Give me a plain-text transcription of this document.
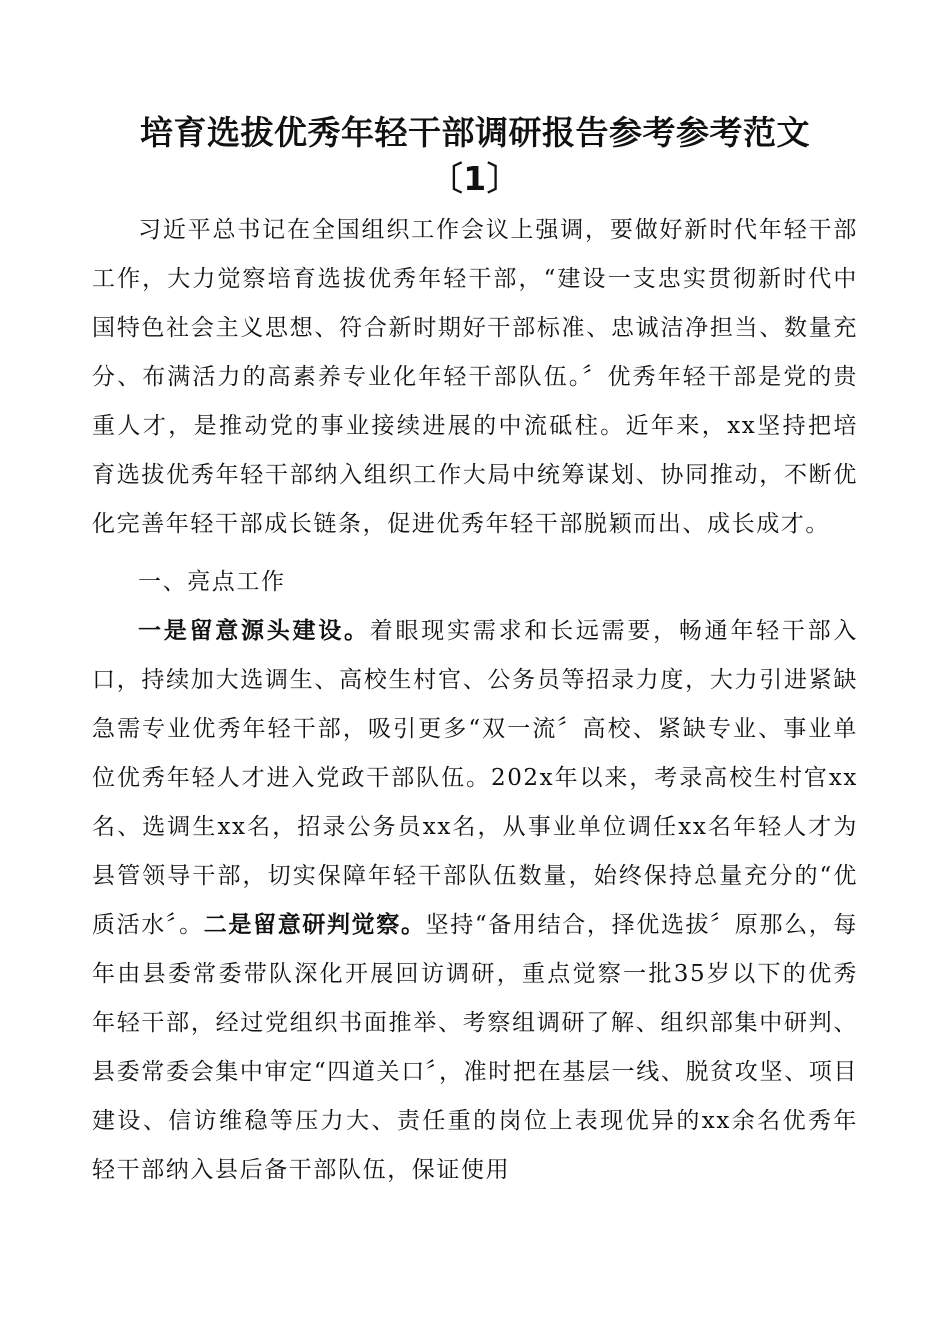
培育选拔优秀年轻干部调研报告参考参考范文
〔1〕

习近平总书记在全国组织工作会议上强调，要做好新时代年轻干部工作，大力觉察培育选拔优秀年轻干部，“建设一支忠实贯彻新时代中国特色社会主义思想、符合新时期好干部标准、忠诚洁净担当、数量充分、布满活力的高素养专业化年轻干部队伍。〞优秀年轻干部是党的贵重人才，是推动党的事业接续进展的中流砥柱。近年来，xx坚持把培育选拔优秀年轻干部纳入组织工作大局中统筹谋划、协同推动，不断优化完善年轻干部成长链条，促进优秀年轻干部脱颖而出、成长成才。

一、亮点工作

一是留意源头建设。着眼现实需求和长远需要，畅通年轻干部入口，持续加大选调生、高校生村官、公务员等招录力度，大力引进紧缺急需专业优秀年轻干部，吸引更多“双一流〞高校、紧缺专业、事业单位优秀年轻人才进入党政干部队伍。202x年以来，考录高校生村官xx名、选调生xx名，招录公务员xx名，从事业单位调任xx名年轻人才为县管领导干部，切实保障年轻干部队伍数量，始终保持总量充分的“优质活水〞。二是留意研判觉察。坚持“备用结合，择优选拔〞原那么，每年由县委常委带队深化开展回访调研，重点觉察一批35岁以下的优秀年轻干部，经过党组织书面推举、考察组调研了解、组织部集中研判、县委常委会集中审定“四道关口〞，准时把在基层一线、脱贫攻坚、项目建设、信访维稳等压力大、责任重的岗位上表现优异的xx余名优秀年轻干部纳入县后备干部队伍，保证使用
